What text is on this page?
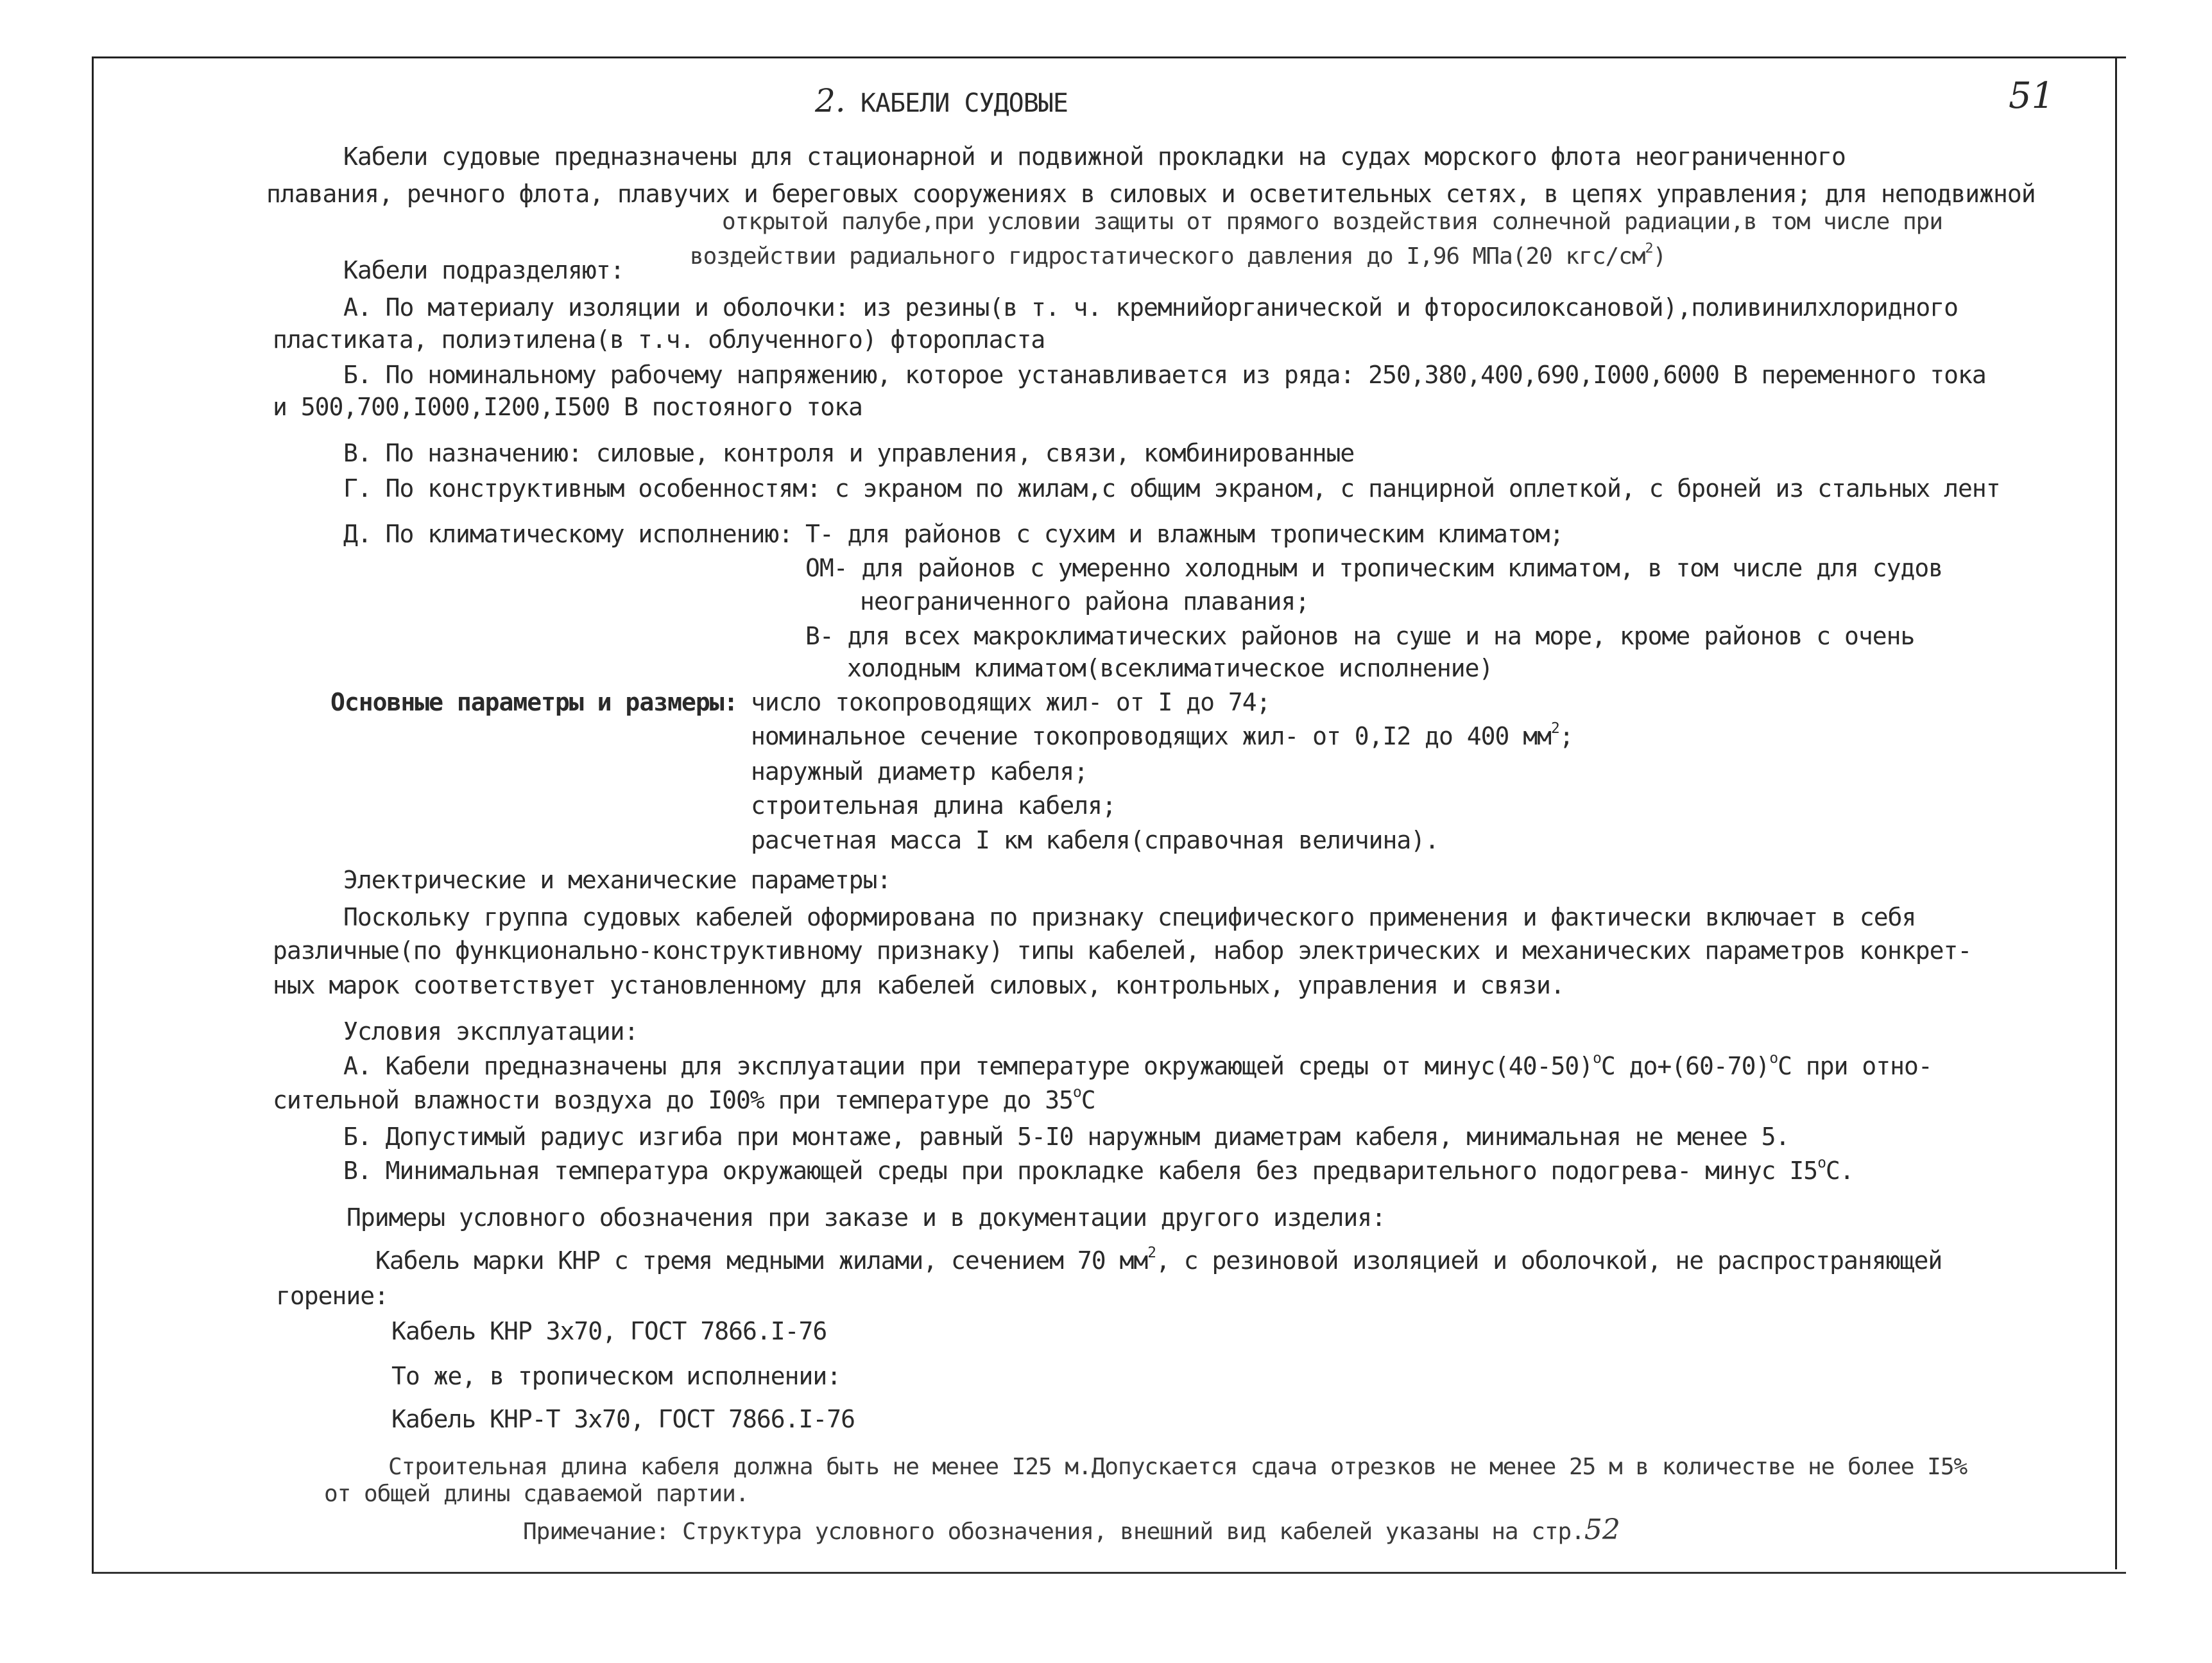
2. КАБЕЛИ СУДОВЫЕ	51
Кабели судовые предназначены для стационарной и подвижной прокладки на судах морского флота неограниченного
плавания, речного флота, плавучих и береговых сооружениях в силовых и осветительных сетях, в цепях управления; для неподвижной
открытой палубе,при условии защиты от прямого воздействия солнечной радиации,в том числе при
воздействии радиального гидростатического давления до I,96 МПа(20 кгс/$см^2$)
Кабели подразделяют:
А. По материалу изоляции и оболочки: из резины(в т. ч. кремнийорганической и фторосилоксановой),поливинилхлоридного
пластиката, полиэтилена(в т.ч. облученного) фторопласта
Б. По номинальному рабочему напряжению, которое устанавливается из ряда: 250,380,400,690,I000,6000 В переменного тока
и 500,700,I000,I200,I500 В постояного тока
В. По назначению: силовые, контроля и управления, связи, комбинированные
Г. По конструктивным особенностям: с экраном по жилам,с общим экраном, с панцирной оплеткой, с броней из стальных лент
Д. По климатическому исполнению: Т- для районов с сухим и влажным тропическим климатом;
ОМ- для районов с умеренно холодным и тропическим климатом, в том числе для судов
неограниченного района плавания;
В- для всех макроклиматических районов на суше и на море, кроме районов с очень
холодным климатом(всеклиматическое исполнение)
Основные параметры и размеры: число токопроводящих жил- от I до 74;
номинальное сечение токопроводящих жил- от 0,I2 до 400 $мм^2$;
наружный диаметр кабеля;
строительная длина кабеля;
расчетная масса I км кабеля(справочная величина).
Электрические и механические параметры:
Поскольку группа судовых кабелей оформирована по признаку специфического применения и фактически включает в себя
различные(по функционально-конструктивному признаку) типы кабелей, набор электрических и механических параметров конкрет-
ных марок соответствует установленному для кабелей силовых, контрольных, управления и связи.
Условия эксплуатации:
А. Кабели предназначены для эксплуатации при температуре окружающей среды от $минус(40-50)^оС$ $до+(60-70)^оС$ при отно-
сительной влажности воздуха до I00% при температуре до $35^оС$
Б. Допустимый радиус изгиба при монтаже, равный 5-I0 наружным диаметрам кабеля, минимальная не менее 5.
В. Минимальная температура окружающей среды при прокладке кабеля без предварительного подогрева- минус $I5^оС$.
Примеры условного обозначения при заказе и в документации другого изделия:
Кабель марки КНР с тремя медными жилами, сечением 70 $мм^2$, с резиновой изоляцией и оболочкой, не распространяющей
горение:
Кабель КНР 3х70, ГОСТ 7866.I-76
То же, в тропическом исполнении:
Кабель КНР-Т 3х70, ГОСТ 7866.I-76
Строительная длина кабеля должна быть не менее I25 м.Допускается сдача отрезков не менее 25 м в количестве не более I5%
от общей длины сдаваемой партии.
Примечание: Структура условного обозначения, внешний вид кабелей указаны на стр.52
